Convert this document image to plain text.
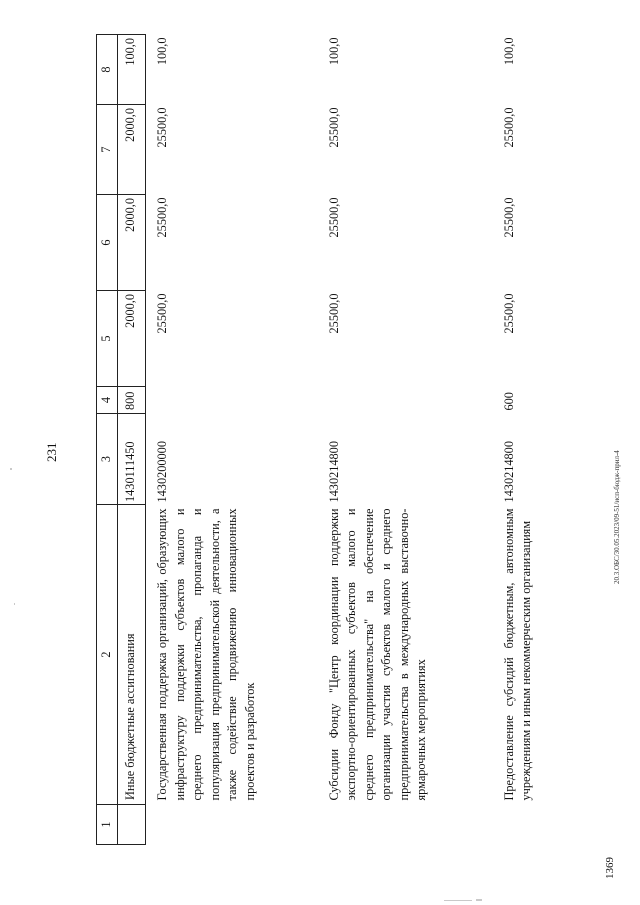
231
1369
20.3.ОБС/30.05.2023/09-51/исп-бюдж-прил-4
1	2	3	4	5	6	7	8
	Иные бюджетные ассигнования	1430111450	800	2000,0	2000,0	2000,0	100,0
	Государственная поддержка организаций, образующих инфраструктуру поддержки субъектов малого и среднего предпринимательства, пропаганда и популяризация предпринимательской деятельности, а также содействие продвижению инновационных проектов и разработок	1430200000		25500,0	25500,0	25500,0	100,0
	Субсидии Фонду "Центр координации поддержки экспортно-ориентированных субъектов малого и среднего предпринимательства" на обеспечение организации участия субъектов малого и среднего предпринимательства в международных выставочно-ярмарочных мероприятиях	1430214800		25500,0	25500,0	25500,0	100,0
	Предоставление субсидий бюджетным, автономным учреждениям и иным некоммерческим организациям	1430214800	600	25500,0	25500,0	25500,0	100,0
